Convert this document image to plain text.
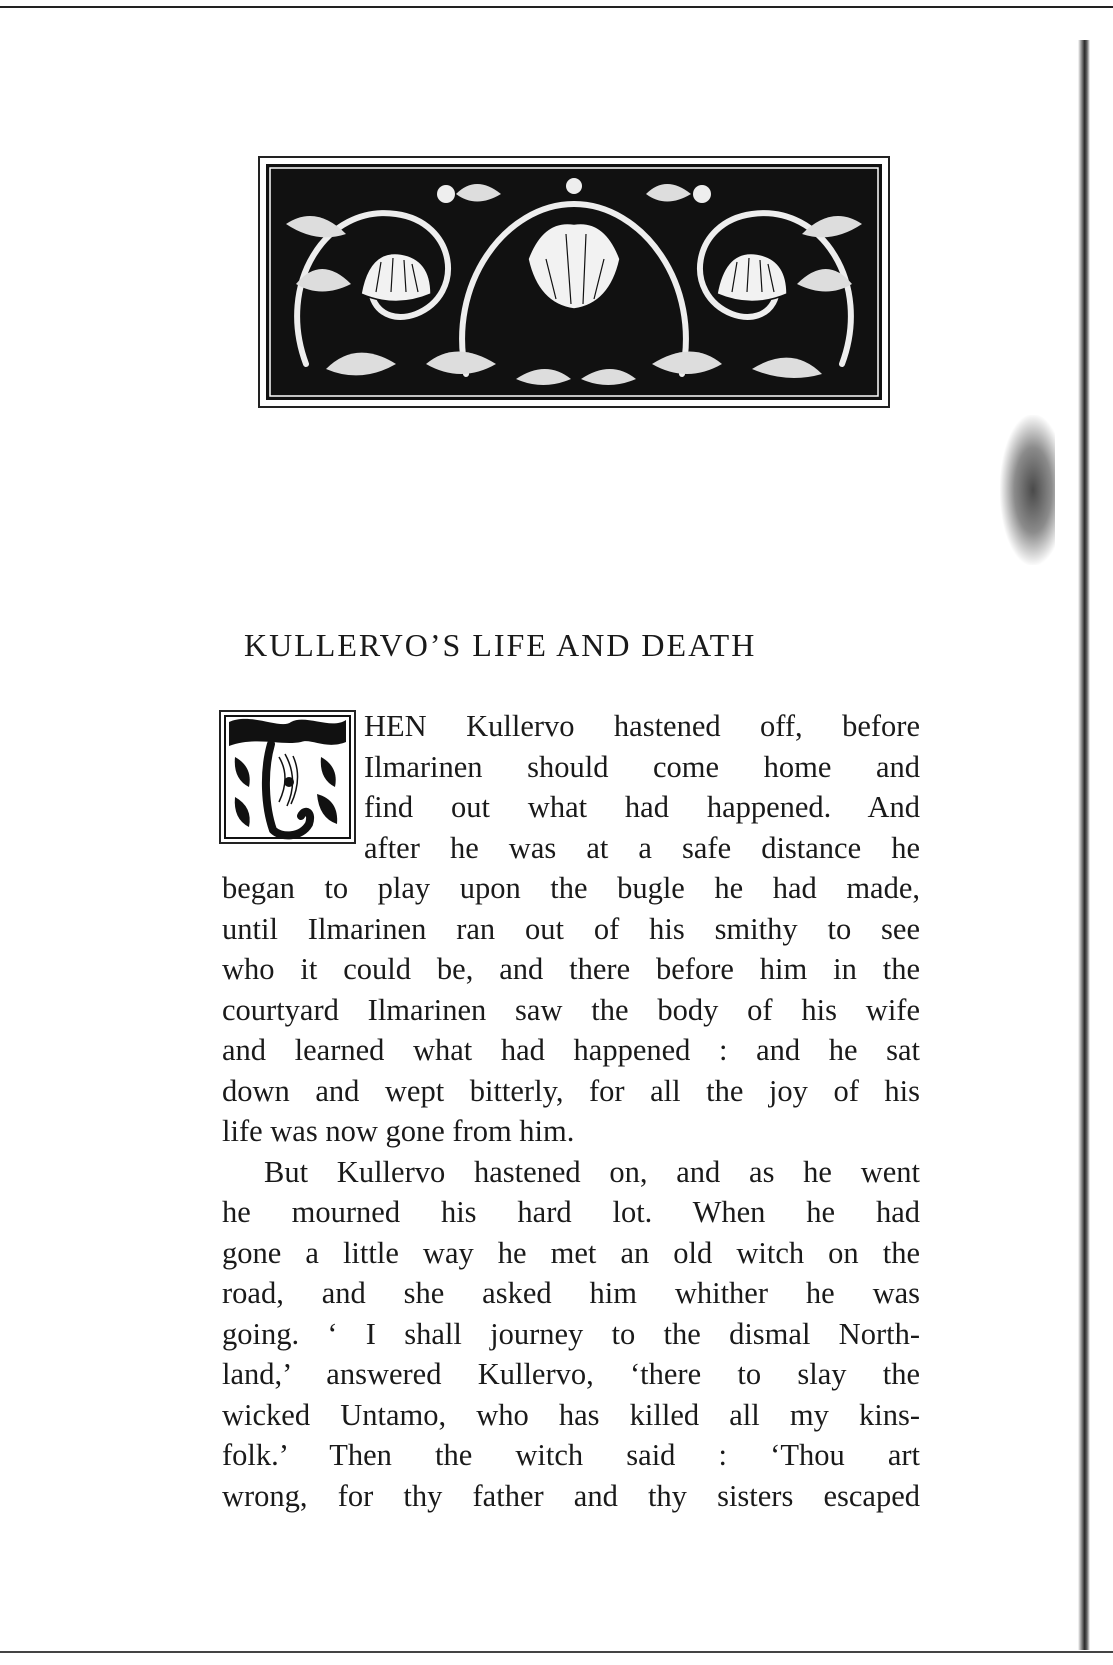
KULLERVO’S LIFE AND DEATH
HEN Kullervo hastened off, before
Ilmarinen should come home and
find out what had happened. And
after he was at a safe distance he
began to play upon the bugle he had made,
until Ilmarinen ran out of his smithy to see
who it could be, and there before him in the
courtyard Ilmarinen saw the body of his wife
and learned what had happened : and he sat
down and wept bitterly, for all the joy of his
life was now gone from him.
But Kullervo hastened on, and as he went
he mourned his hard lot. When he had
gone a little way he met an old witch on the
road, and she asked him whither he was
going. ‘ I shall journey to the dismal North-
land,’ answered Kullervo, ‘there to slay the
wicked Untamo, who has killed all my kins-
folk.’ Then the witch said : ‘Thou art
wrong, for thy father and thy sisters escaped
